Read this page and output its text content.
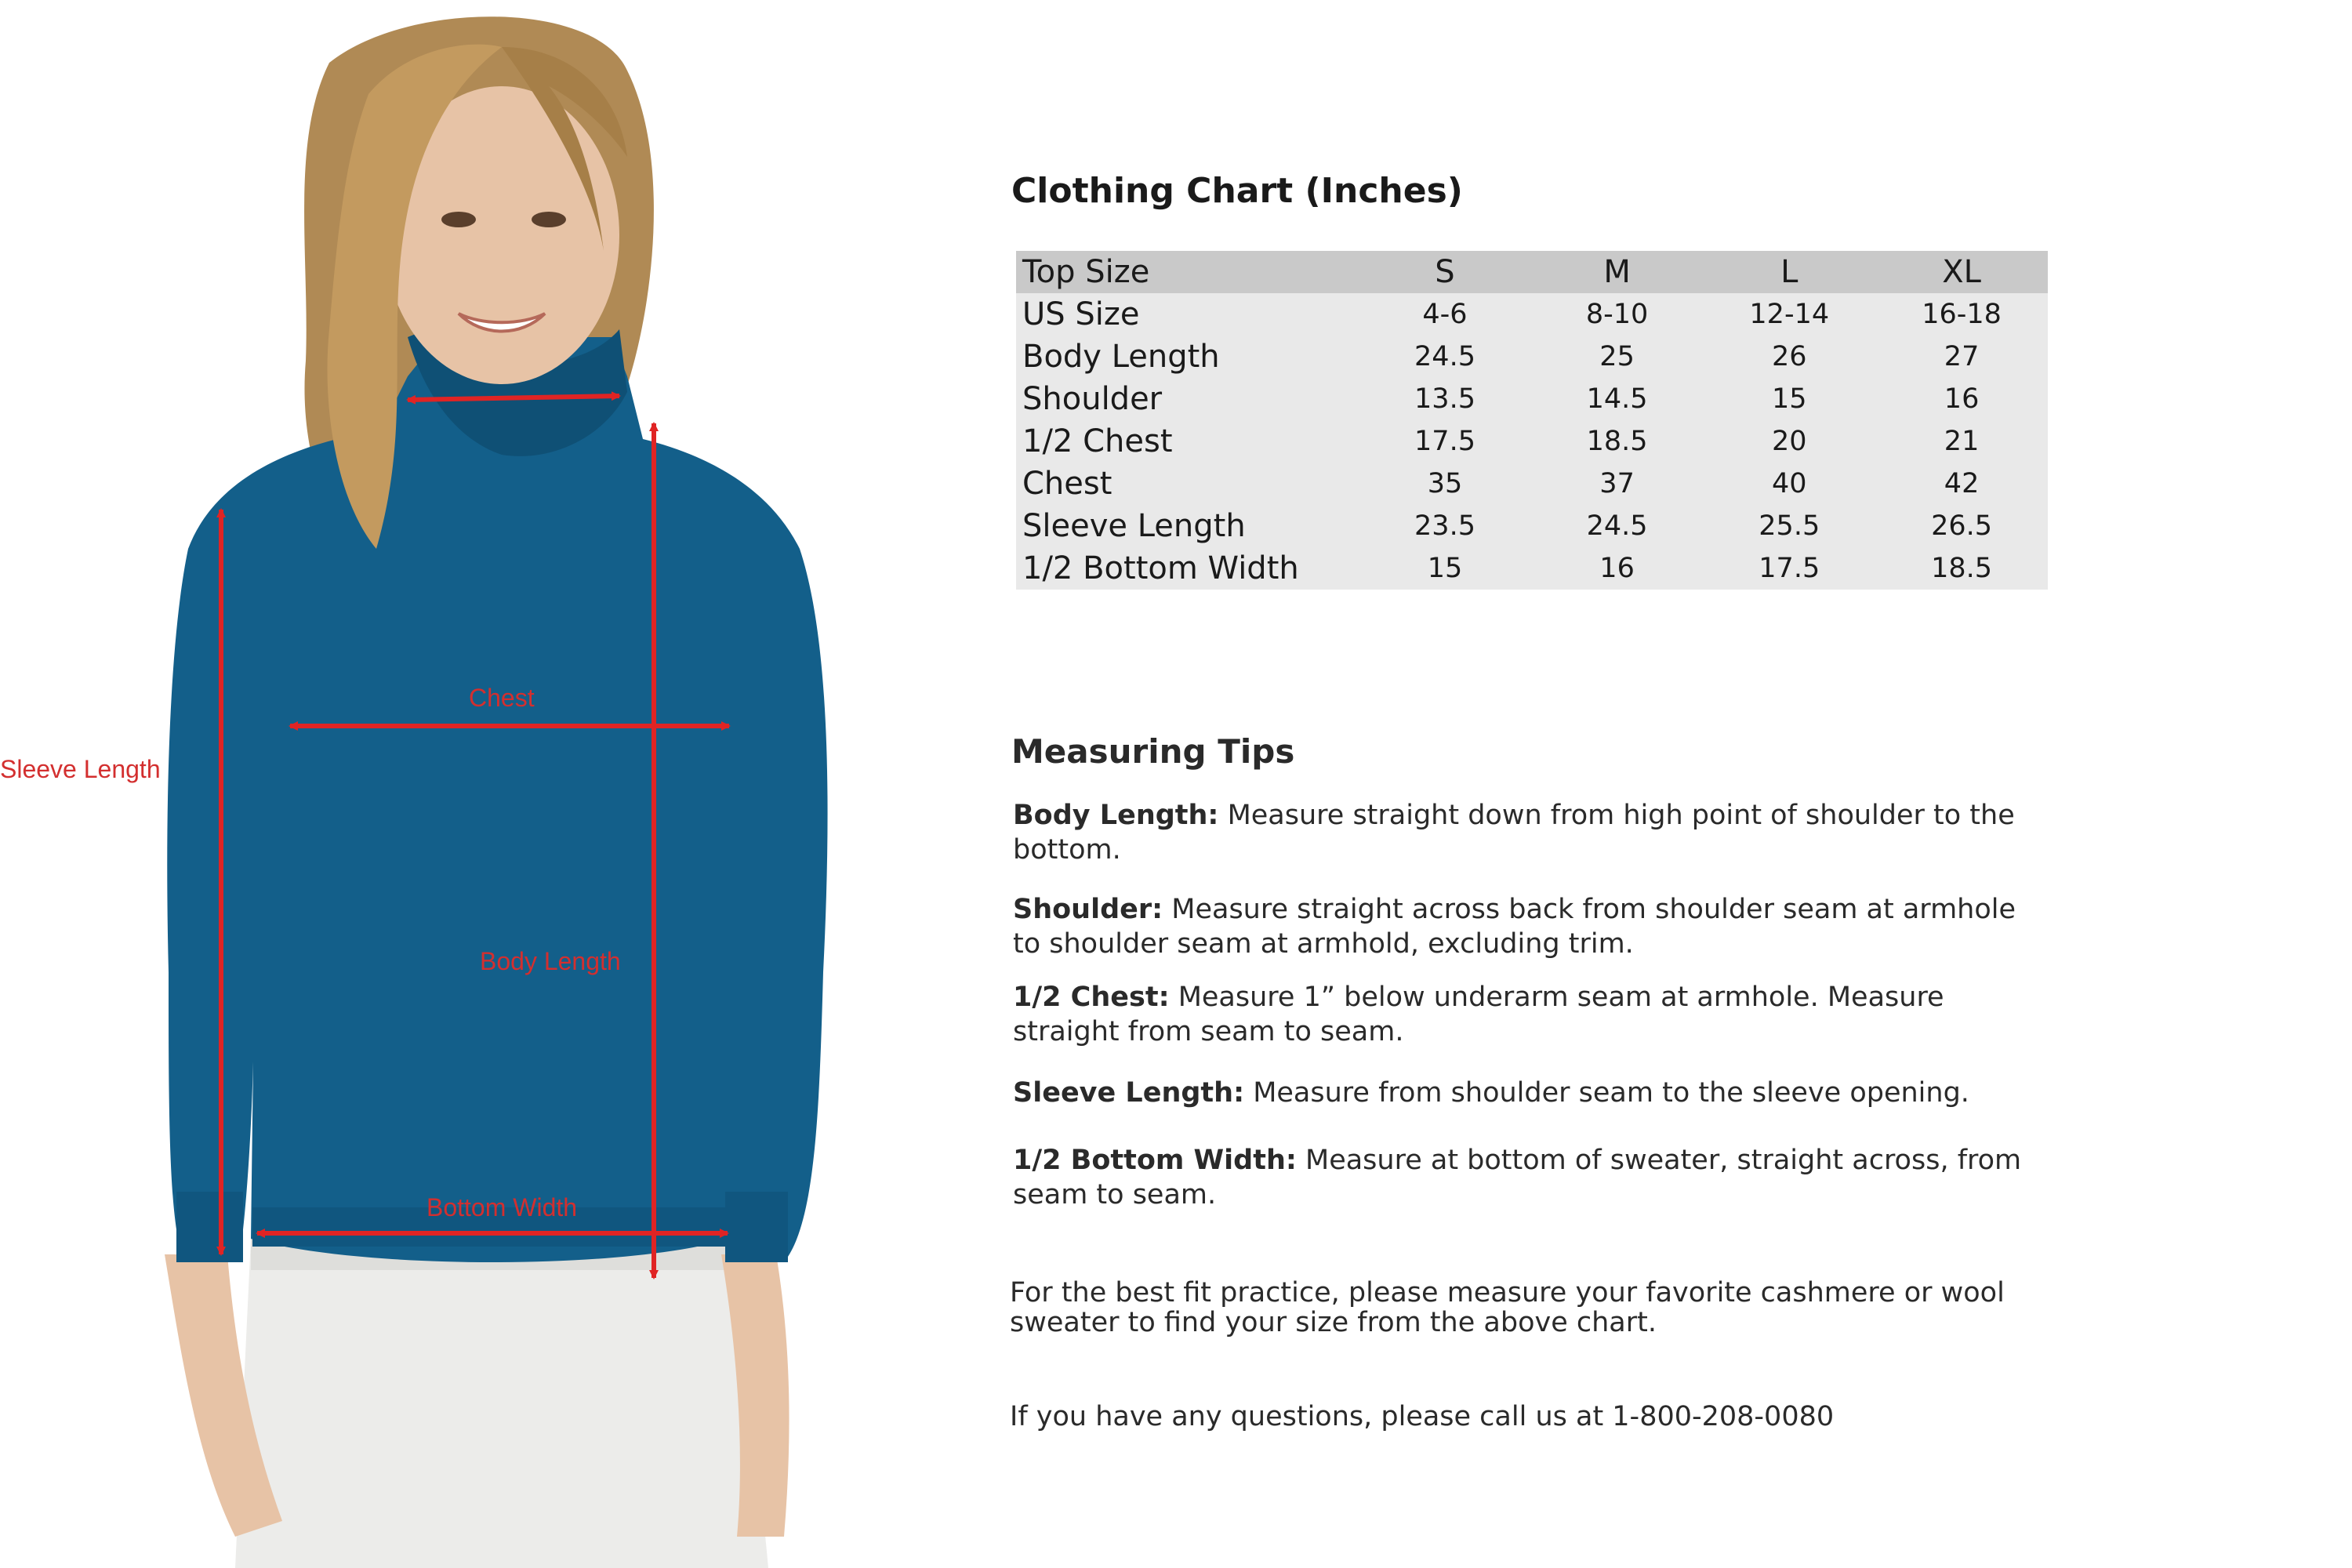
Sleeve Length
Chest
Body Length
Bottom Width
Clothing Chart (Inches)
Top Size	S	M	L	XL
US Size	4-6	8-10	12-14	16-18
Body Length	24.5	25	26	27
Shoulder	13.5	14.5	15	16
1/2 Chest	17.5	18.5	20	21
Chest	35	37	40	42
Sleeve Length	23.5	24.5	25.5	26.5
1/2 Bottom Width	15	16	17.5	18.5
Measuring Tips
Body Length: Measure straight down from high point of shoulder to the bottom.
Shoulder: Measure straight across back from shoulder seam at armhole to shoulder seam at armhold, excluding trim.
1/2 Chest: Measure 1” below underarm seam at armhole. Measure straight from seam to seam.
Sleeve Length: Measure from shoulder seam to the sleeve opening.
1/2 Bottom Width: Measure at bottom of sweater, straight across, from seam to seam.
For the best fit practice, please measure your favorite cashmere or wool sweater to find your size from the above chart.
If you have any questions, please call us at 1-800-208-0080
